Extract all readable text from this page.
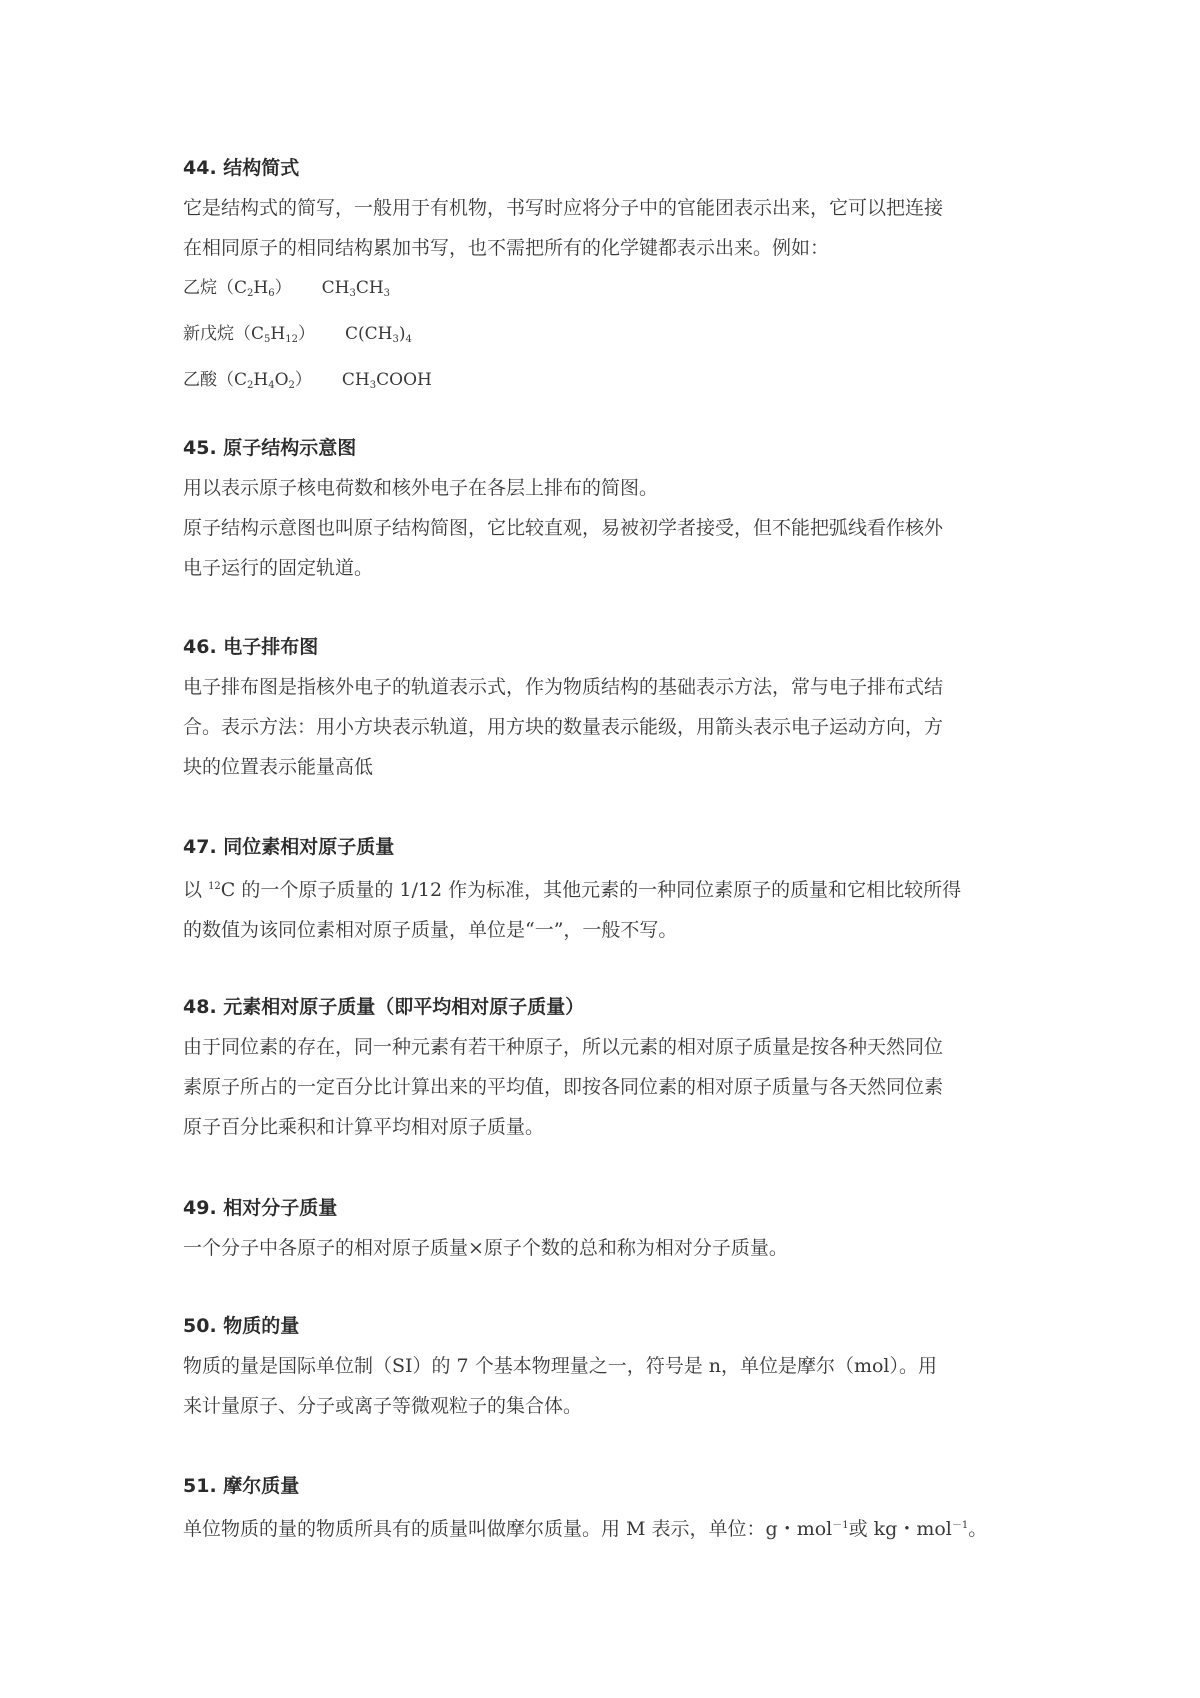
44. 结构简式
它是结构式的简写，一般用于有机物，书写时应将分子中的官能团表示出来，它可以把连接
在相同原子的相同结构累加书写，也不需把所有的化学键都表示出来。例如：
乙烷$(C_2H_6)$ $CH_3CH_3$
新戊烷$(C_5H_{12})$ $C(CH_3)_4$
乙酸$(C_2H_4O_2)$ $CH_3COOH$
45. 原子结构示意图
用以表示原子核电荷数和核外电子在各层上排布的简图。
原子结构示意图也叫原子结构简图，它比较直观，易被初学者接受，但不能把弧线看作核外
电子运行的固定轨道。
46. 电子排布图
电子排布图是指核外电子的轨道表示式，作为物质结构的基础表示方法，常与电子排布式结
合。表示方法：用小方块表示轨道，用方块的数量表示能级，用箭头表示电子运动方向，方
块的位置表示能量高低
47. 同位素相对原子质量
以 $^{12}$C 的一个原子质量的 1/12 作为标准，其他元素的一种同位素原子的质量和它相比较所得
的数值为该同位素相对原子质量，单位是“一”，一般不写。
48. 元素相对原子质量（即平均相对原子质量）
由于同位素的存在，同一种元素有若干种原子，所以元素的相对原子质量是按各种天然同位
素原子所占的一定百分比计算出来的平均值，即按各同位素的相对原子质量与各天然同位素
原子百分比乘积和计算平均相对原子质量。
49. 相对分子质量
一个分子中各原子的相对原子质量×原子个数的总和称为相对分子质量。
50. 物质的量
物质的量是国际单位制（SI）的 7 个基本物理量之一，符号是 n，单位是摩尔（mol）。用
来计量原子、分子或离子等微观粒子的集合体。
51. 摩尔质量
单位物质的量的物质所具有的质量叫做摩尔质量。用 M 表示，单位：g・mol$^{-1}$或 kg・mol$^{-1}$。
